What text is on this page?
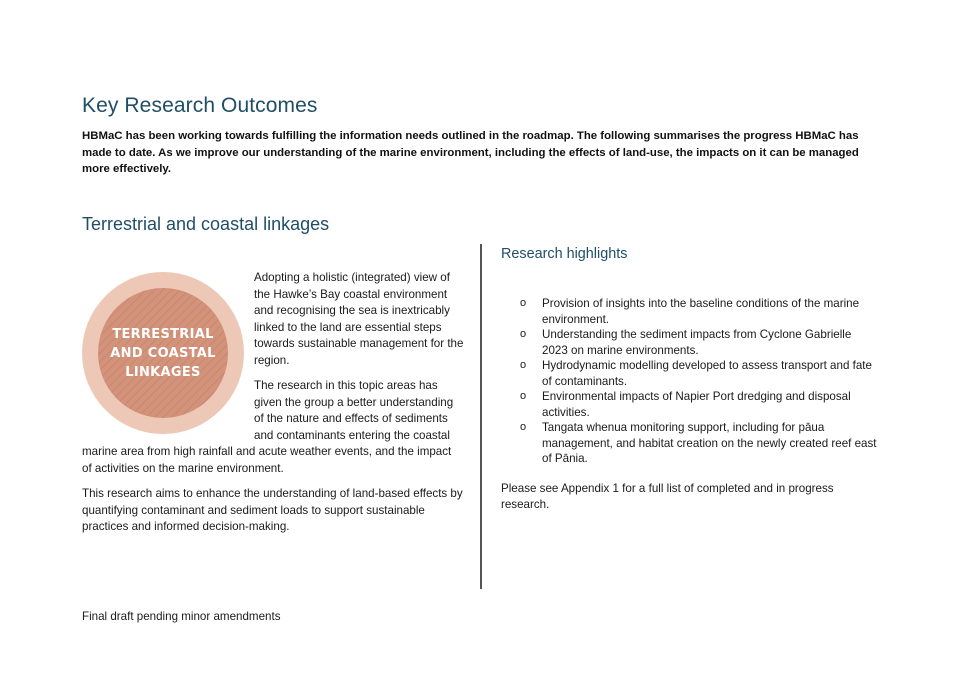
Key Research Outcomes

HBMaC has been working towards fulfilling the information needs outlined in the roadmap. The following summarises the progress HBMaC has made to date. As we improve our understanding of the marine environment, including the effects of land-use, the impacts on it can be managed more effectively.

Terrestrial and coastal linkages
TERRESTRIAL
AND COASTAL
LINKAGES

Adopting a holistic (integrated) view of the Hawke’s Bay coastal environment and recognising the sea is inextricably linked to the land are essential steps towards sustainable management for the region.

The research in this topic areas has given the group a better understanding of the nature and effects of sediments and contaminants entering the coastal marine area from high rainfall and acute weather events, and the impact of activities on the marine environment.

This research aims to enhance the understanding of land-based effects by quantifying contaminant and sediment loads to support sustainable practices and informed decision-making.

Research highlights
o Provision of insights into the baseline conditions of the marine environment.
o Understanding the sediment impacts from Cyclone Gabrielle 2023 on marine environments.
o Hydrodynamic modelling developed to assess transport and fate of contaminants.
o Environmental impacts of Napier Port dredging and disposal activities.
o Tangata whenua monitoring support, including for pāua management, and habitat creation on the newly created reef east of Pānia.

Please see Appendix 1 for a full list of completed and in progress research.

Final draft pending minor amendments
